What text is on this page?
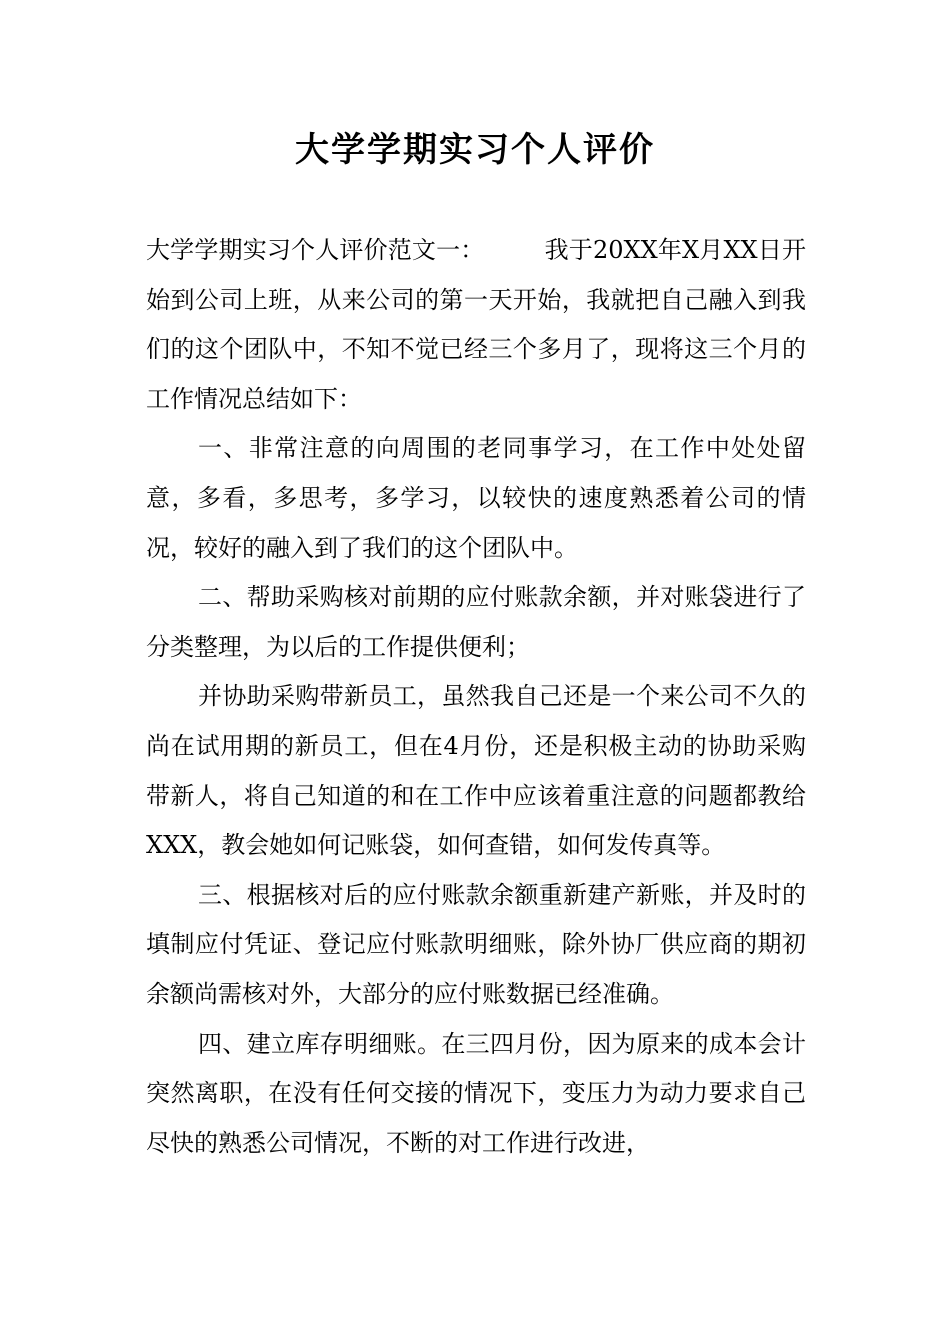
大学学期实习个人评价

大学学期实习个人评价范文一：	我于20XX年X月XX日开始到公司上班，从来公司的第一天开始，我就把自己融入到我们的这个团队中，不知不觉已经三个多月了，现将这三个月的工作情况总结如下：

一、非常注意的向周围的老同事学习，在工作中处处留意，多看，多思考，多学习，以较快的速度熟悉着公司的情况，较好的融入到了我们的这个团队中。

二、帮助采购核对前期的应付账款余额，并对账袋进行了分类整理，为以后的工作提供便利；

并协助采购带新员工，虽然我自己还是一个来公司不久的尚在试用期的新员工，但在4月份，还是积极主动的协助采购带新人，将自己知道的和在工作中应该着重注意的问题都教给XXX，教会她如何记账袋，如何查错，如何发传真等。

三、根据核对后的应付账款余额重新建产新账，并及时的填制应付凭证、登记应付账款明细账，除外协厂供应商的期初余额尚需核对外，大部分的应付账数据已经准确。

四、建立库存明细账。在三四月份，因为原来的成本会计突然离职，在没有任何交接的情况下，变压力为动力要求自己尽快的熟悉公司情况，不断的对工作进行改进，
